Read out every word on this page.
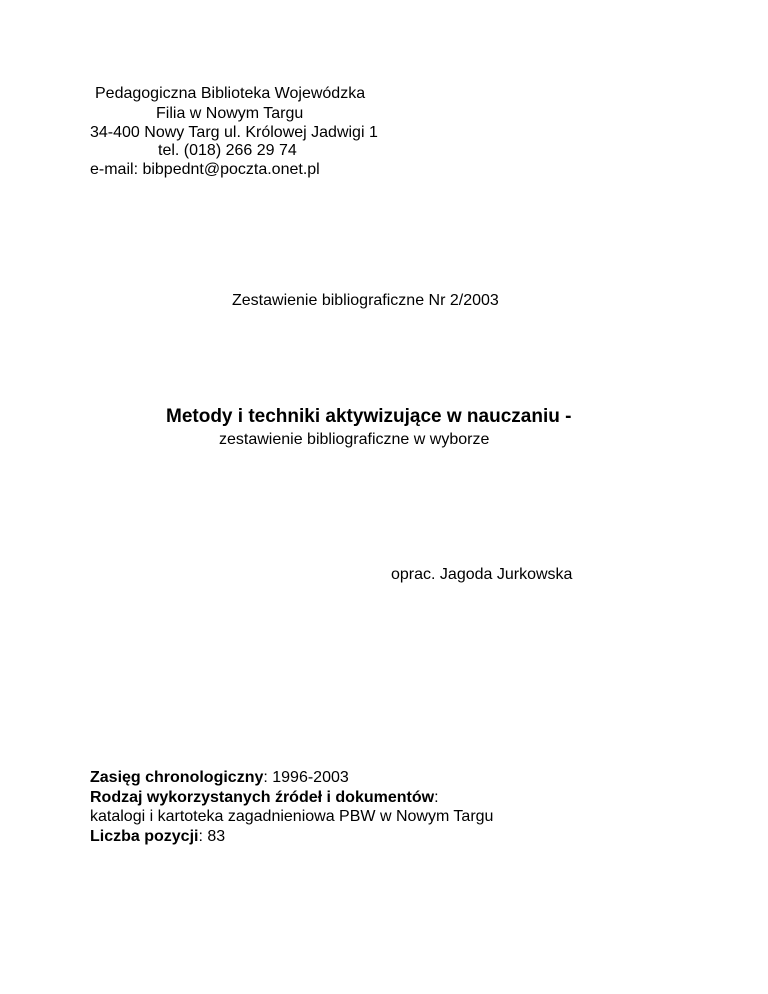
Pedagogiczna Biblioteka Wojewódzka
Filia w Nowym Targu
34-400 Nowy Targ ul. Królowej Jadwigi 1
tel. (018) 266 29 74
e-mail: bibpednt@poczta.onet.pl
Zestawienie bibliograficzne Nr 2/2003
Metody i techniki aktywizujące w nauczaniu -
zestawienie bibliograficzne w wyborze
oprac. Jagoda Jurkowska
Zasięg chronologiczny: 1996-2003
Rodzaj wykorzystanych źródeł i dokumentów:
katalogi i kartoteka zagadnieniowa PBW w Nowym Targu
Liczba pozycji: 83
